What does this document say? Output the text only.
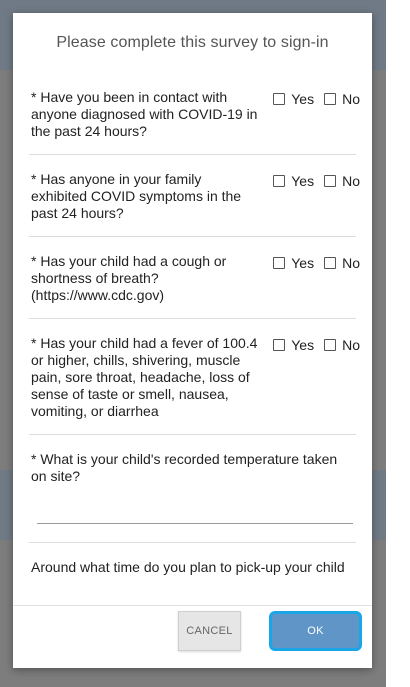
Please complete this survey to sign-in
* Have you been in contact with anyone diagnosed with COVID-19 in the past 24 hours?
Yes No
* Has anyone in your family exhibited COVID symptoms in the past 24 hours?
Yes No
* Has your child had a cough or shortness of breath? (https://www.cdc.gov)
Yes No
* Has your child had a fever of 100.4 or higher, chills, shivering, muscle pain, sore throat, headache, loss of sense of taste or smell, nausea, vomiting, or diarrhea
Yes No
* What is your child's recorded temperature taken on site?
Around what time do you plan to pick-up your child
CANCEL	OK
